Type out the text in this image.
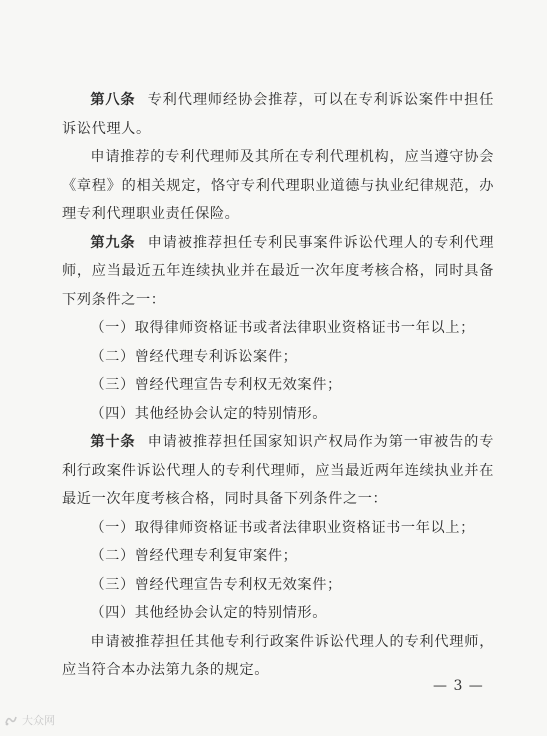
第八条 专利代理师经协会推荐，可以在专利诉讼案件中担任诉讼代理人。

申请推荐的专利代理师及其所在专利代理机构，应当遵守协会《章程》的相关规定，恪守专利代理职业道德与执业纪律规范，办理专利代理职业责任保险。

第九条 申请被推荐担任专利民事案件诉讼代理人的专利代理师，应当最近五年连续执业并在最近一次年度考核合格，同时具备下列条件之一：

（一）取得律师资格证书或者法律职业资格证书一年以上；

（二）曾经代理专利诉讼案件；

（三）曾经代理宣告专利权无效案件；

（四）其他经协会认定的特别情形。

第十条 申请被推荐担任国家知识产权局作为第一审被告的专利行政案件诉讼代理人的专利代理师，应当最近两年连续执业并在最近一次年度考核合格，同时具备下列条件之一：

（一）取得律师资格证书或者法律职业资格证书一年以上；

（二）曾经代理专利复审案件；

（三）曾经代理宣告专利权无效案件；

（四）其他经协会认定的特别情形。

申请被推荐担任其他专利行政案件诉讼代理人的专利代理师，应当符合本办法第九条的规定。

— 3 —
大众网
